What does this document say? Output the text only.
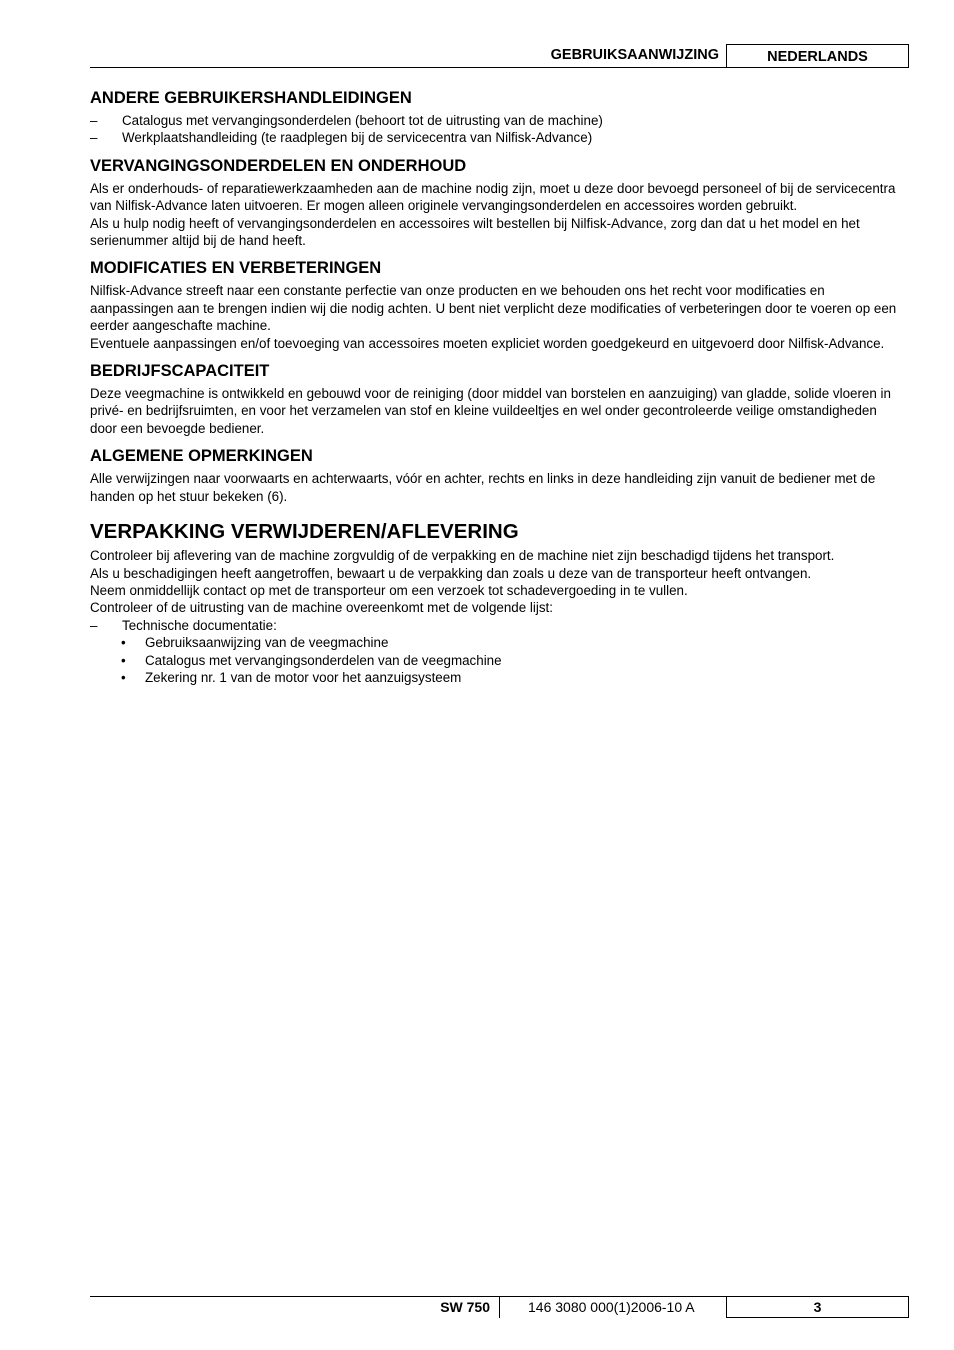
GEBRUIKSAANWIJZING	NEDERLANDS
ANDERE GEBRUIKERSHANDLEIDINGEN
– Catalogus met vervangingsonderdelen (behoort tot de uitrusting van de machine)
– Werkplaatshandleiding (te raadplegen bij de servicecentra van Nilfisk-Advance)
VERVANGINGSONDERDELEN EN ONDERHOUD

Als er onderhouds- of reparatiewerkzaamheden aan de machine nodig zijn, moet u deze door bevoegd personeel of bij de servicecentra van Nilfisk-Advance laten uitvoeren. Er mogen alleen originele vervangingsonderdelen en accessoires worden gebruikt.

Als u hulp nodig heeft of vervangingsonderdelen en accessoires wilt bestellen bij Nilfisk-Advance, zorg dan dat u het model en het serienummer altijd bij de hand heeft.

MODIFICATIES EN VERBETERINGEN

Nilfisk-Advance streeft naar een constante perfectie van onze producten en we behouden ons het recht voor modificaties en aanpassingen aan te brengen indien wij die nodig achten. U bent niet verplicht deze modificaties of verbeteringen door te voeren op een eerder aangeschafte machine.

Eventuele aanpassingen en/of toevoeging van accessoires moeten expliciet worden goedgekeurd en uitgevoerd door Nilfisk-Advance.

BEDRIJFSCAPACITEIT

Deze veegmachine is ontwikkeld en gebouwd voor de reiniging (door middel van borstelen en aanzuiging) van gladde, solide vloeren in privé- en bedrijfsruimten, en voor het verzamelen van stof en kleine vuildeeltjes en wel onder gecontroleerde veilige omstandigheden door een bevoegde bediener.

ALGEMENE OPMERKINGEN

Alle verwijzingen naar voorwaarts en achterwaarts, vóór en achter, rechts en links in deze handleiding zijn vanuit de bediener met de handen op het stuur bekeken (6).

VERPAKKING VERWIJDEREN/AFLEVERING

Controleer bij aflevering van de machine zorgvuldig of de verpakking en de machine niet zijn beschadigd tijdens het transport.

Als u beschadigingen heeft aangetroffen, bewaart u de verpakking dan zoals u deze van de transporteur heeft ontvangen.

Neem onmiddellijk contact op met de transporteur om een verzoek tot schadevergoeding in te vullen.

Controleer of de uitrusting van de machine overeenkomt met de volgende lijst:

– Technische documentatie:
• Gebruiksaanwijzing van de veegmachine
• Catalogus met vervangingsonderdelen van de veegmachine
• Zekering nr. 1 van de motor voor het aanzuigsysteem
SW 750	146 3080 000(1)2006-10 A	3
